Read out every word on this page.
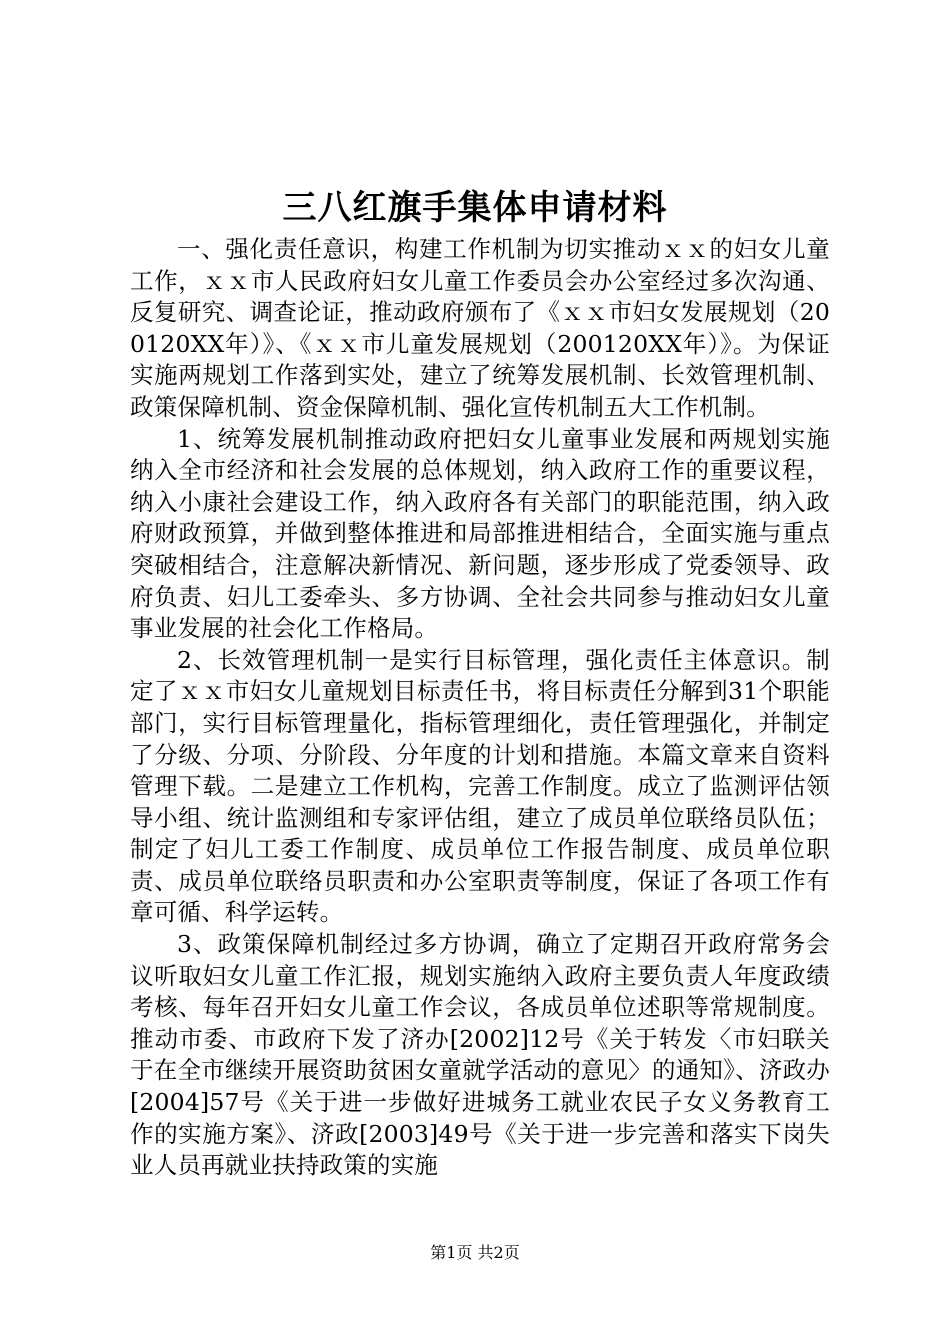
三八红旗手集体申请材料

一、强化责任意识，构建工作机制为切实推动ｘｘ的妇女儿童工作，ｘｘ市人民政府妇女儿童工作委员会办公室经过多次沟通、反复研究、调查论证，推动政府颁布了《ｘｘ市妇女发展规划（200120XX年）》、《ｘｘ市儿童发展规划（200120XX年）》。为保证实施两规划工作落到实处，建立了统筹发展机制、长效管理机制、政策保障机制、资金保障机制、强化宣传机制五大工作机制。

1、统筹发展机制推动政府把妇女儿童事业发展和两规划实施纳入全市经济和社会发展的总体规划，纳入政府工作的重要议程，纳入小康社会建设工作，纳入政府各有关部门的职能范围，纳入政府财政预算，并做到整体推进和局部推进相结合，全面实施与重点突破相结合，注意解决新情况、新问题，逐步形成了党委领导、政府负责、妇儿工委牵头、多方协调、全社会共同参与推动妇女儿童事业发展的社会化工作格局。

2、长效管理机制一是实行目标管理，强化责任主体意识。制定了ｘｘ市妇女儿童规划目标责任书，将目标责任分解到31个职能部门，实行目标管理量化，指标管理细化，责任管理强化，并制定了分级、分项、分阶段、分年度的计划和措施。本篇文章来自资料管理下载。二是建立工作机构，完善工作制度。成立了监测评估领导小组、统计监测组和专家评估组，建立了成员单位联络员队伍；制定了妇儿工委工作制度、成员单位工作报告制度、成员单位职责、成员单位联络员职责和办公室职责等制度，保证了各项工作有章可循、科学运转。

3、政策保障机制经过多方协调，确立了定期召开政府常务会议听取妇女儿童工作汇报，规划实施纳入政府主要负责人年度政绩考核、每年召开妇女儿童工作会议，各成员单位述职等常规制度。推动市委、市政府下发了济办[2002]12号《关于转发〈市妇联关于在全市继续开展资助贫困女童就学活动的意见〉的通知》、济政办[2004]57号《关于进一步做好进城务工就业农民子女义务教育工作的实施方案》、济政[2003]49号《关于进一步完善和落实下岗失业人员再就业扶持政策的实施

第1页 共2页
